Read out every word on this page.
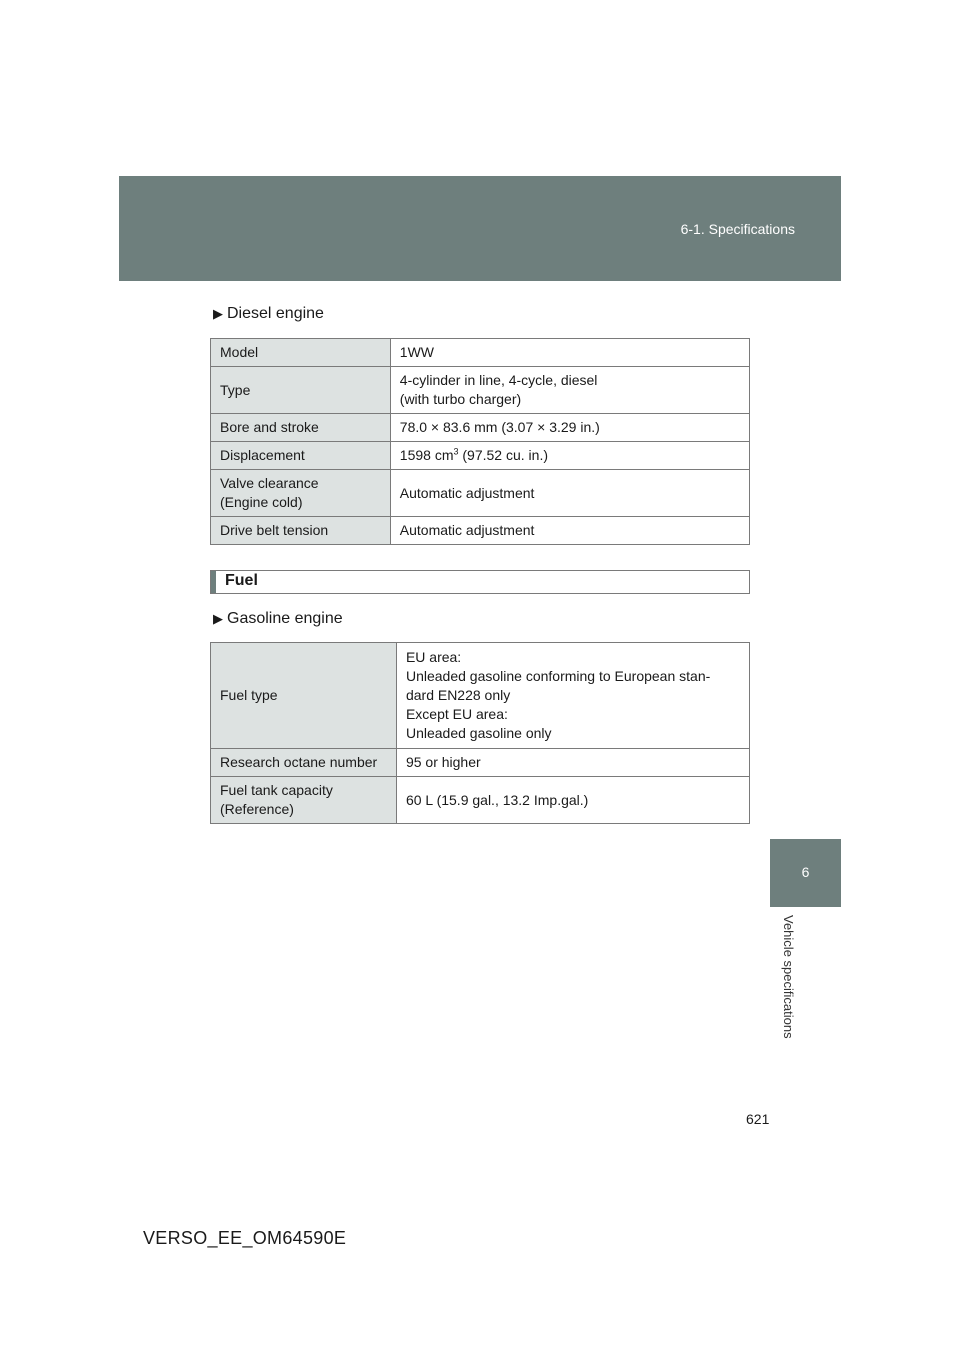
6-1. Specifications
6
Vehicle specifications
▶ Diesel engine
Model	1WW
Type	4-cylinder in line, 4-cycle, diesel
(with turbo charger)

Bore and stroke	78.0 × 83.6 mm (3.07 × 3.29 in.)
Displacement	1598 $cm^3$ (97.52 cu. in.)

Valve clearance
(Engine cold)	Automatic adjustment
Drive belt tension	Automatic adjustment
Fuel
▶ Gasoline engine
Fuel type	EU area:
Unleaded gasoline conforming to European stan-
dard EN228 only
Except EU area:
Unleaded gasoline only

Research octane number	95 or higher

Fuel tank capacity
(Reference)	60 L (15.9 gal., 13.2 Imp.gal.)
621
VERSO_EE_OM64590E
